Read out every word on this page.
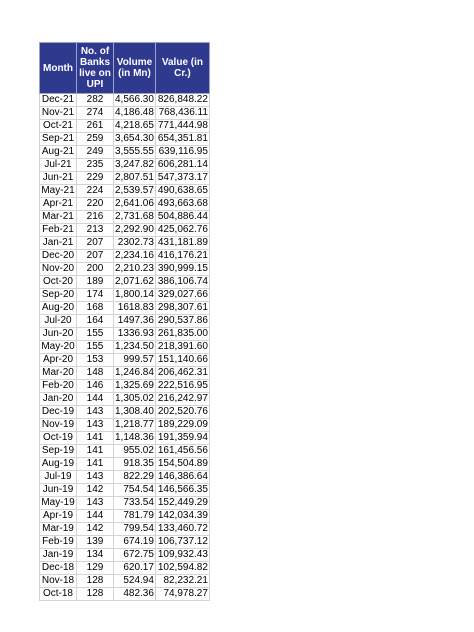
Month	No. of Banks live on UPI	Volume (in Mn)	Value (in Cr.)
Dec-21	282	4,566.30	826,848.22
Nov-21	274	4,186.48	768,436.11
Oct-21	261	4,218.65	771,444.98
Sep-21	259	3,654.30	654,351.81
Aug-21	249	3,555.55	639,116.95
Jul-21	235	3,247.82	606,281.14
Jun-21	229	2,807.51	547,373.17
May-21	224	2,539.57	490,638.65
Apr-21	220	2,641.06	493,663.68
Mar-21	216	2,731.68	504,886.44
Feb-21	213	2,292.90	425,062.76
Jan-21	207	2302.73	431,181.89
Dec-20	207	2,234.16	416,176.21
Nov-20	200	2,210.23	390,999.15
Oct-20	189	2,071.62	386,106.74
Sep-20	174	1,800.14	329,027.66
Aug-20	168	1618.83	298,307.61
Jul-20	164	1497.36	290,537.86
Jun-20	155	1336.93	261,835.00
May-20	155	1,234.50	218,391.60
Apr-20	153	999.57	151,140.66
Mar-20	148	1,246.84	206,462.31
Feb-20	146	1,325.69	222,516.95
Jan-20	144	1,305.02	216,242.97
Dec-19	143	1,308.40	202,520.76
Nov-19	143	1,218.77	189,229.09
Oct-19	141	1,148.36	191,359.94
Sep-19	141	955.02	161,456.56
Aug-19	141	918.35	154,504.89
Jul-19	143	822.29	146,386.64
Jun-19	142	754.54	146,566.35
May-19	143	733.54	152,449.29
Apr-19	144	781.79	142,034.39
Mar-19	142	799.54	133,460.72
Feb-19	139	674.19	106,737.12
Jan-19	134	672.75	109,932.43
Dec-18	129	620.17	102,594.82
Nov-18	128	524.94	82,232.21
Oct-18	128	482.36	74,978.27
